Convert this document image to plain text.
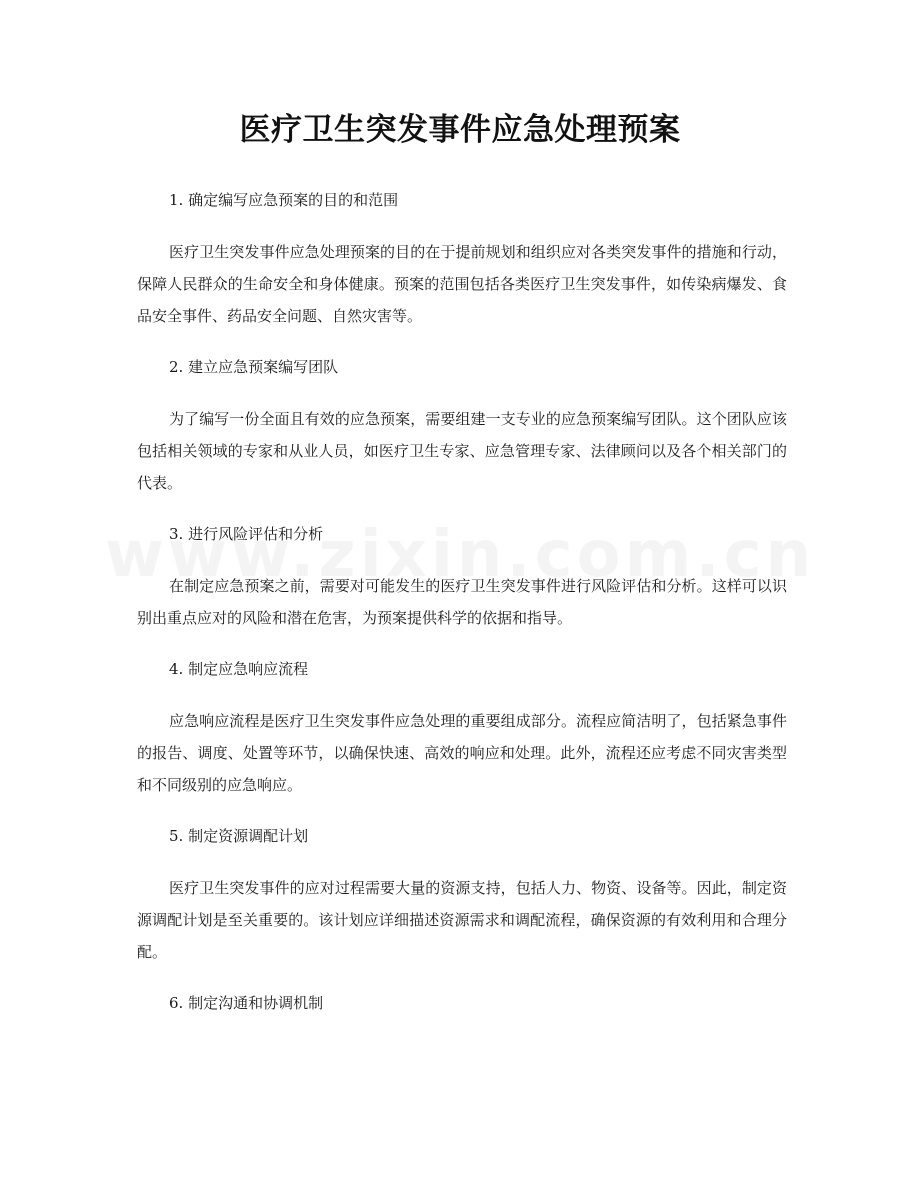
医疗卫生突发事件应急处理预案
1. 确定编写应急预案的目的和范围
医疗卫生突发事件应急处理预案的目的在于提前规划和组织应对各类突发事件的措施和行动，保障人民群众的生命安全和身体健康。预案的范围包括各类医疗卫生突发事件，如传染病爆发、食品安全事件、药品安全问题、自然灾害等。
2. 建立应急预案编写团队
为了编写一份全面且有效的应急预案，需要组建一支专业的应急预案编写团队。这个团队应该包括相关领域的专家和从业人员，如医疗卫生专家、应急管理专家、法律顾问以及各个相关部门的代表。
3. 进行风险评估和分析
在制定应急预案之前，需要对可能发生的医疗卫生突发事件进行风险评估和分析。这样可以识别出重点应对的风险和潜在危害，为预案提供科学的依据和指导。
4. 制定应急响应流程
应急响应流程是医疗卫生突发事件应急处理的重要组成部分。流程应简洁明了，包括紧急事件的报告、调度、处置等环节，以确保快速、高效的响应和处理。此外，流程还应考虑不同灾害类型和不同级别的应急响应。
5. 制定资源调配计划
医疗卫生突发事件的应对过程需要大量的资源支持，包括人力、物资、设备等。因此，制定资源调配计划是至关重要的。该计划应详细描述资源需求和调配流程，确保资源的有效利用和合理分配。
6. 制定沟通和协调机制
